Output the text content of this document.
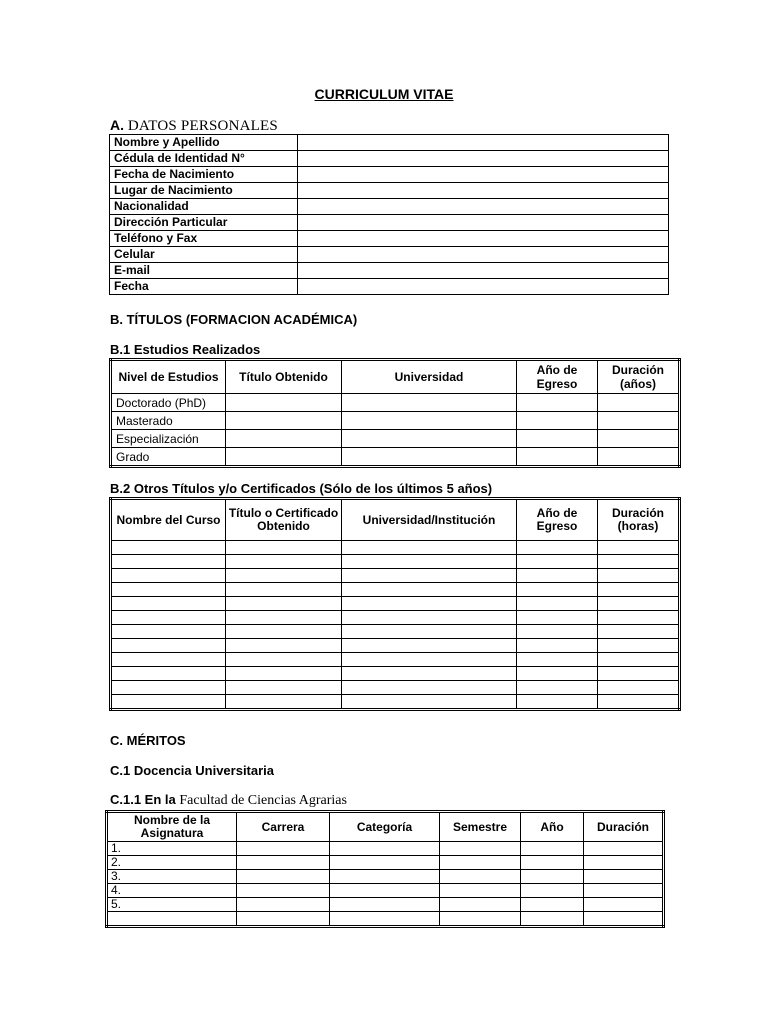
CURRICULUM VITAE
A. DATOS PERSONALES
Nombre y Apellido	
Cédula de Identidad N°	
Fecha de Nacimiento	
Lugar de Nacimiento	
Nacionalidad	
Dirección Particular	
Teléfono y Fax	
Celular	
E-mail	
Fecha	
B. TÍTULOS (FORMACION ACADÉMICA)
B.1 Estudios Realizados
Nivel de Estudios	Título Obtenido	Universidad	Año de Egreso	Duración (años)
Doctorado (PhD)				
Masterado				
Especialización				
Grado				
B.2 Otros Títulos y/o Certificados (Sólo de los últimos 5 años)
Nombre del Curso	Título o Certificado Obtenido	Universidad/Institución	Año de Egreso	Duración (horas)

C. MÉRITOS
C.1 Docencia Universitaria
C.1.1 En la Facultad de Ciencias Agrarias
Nombre de la Asignatura	Carrera	Categoría	Semestre	Año	Duración
1.					
2.					
3.					
4.					
5.					
